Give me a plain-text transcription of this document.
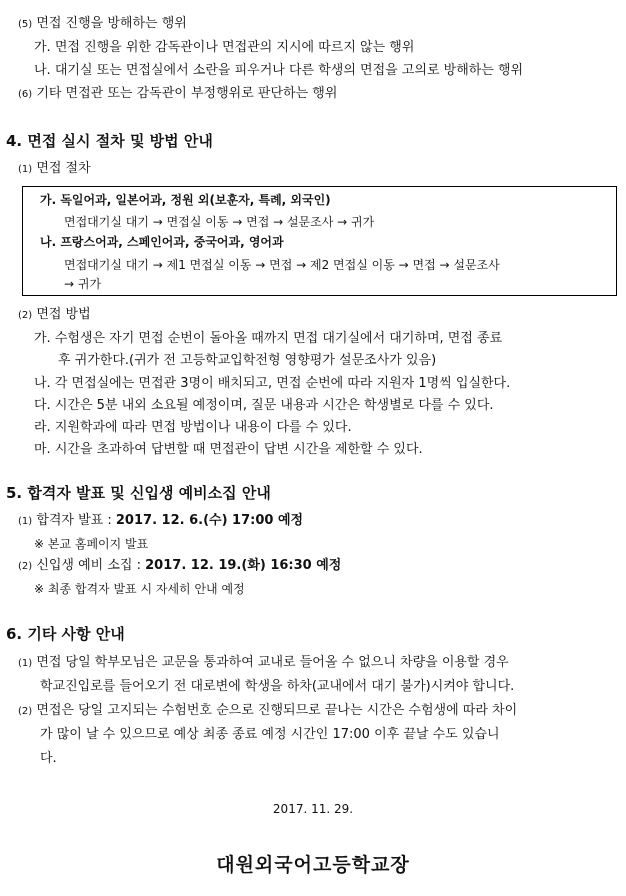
(5) 면접 진행을 방해하는 행위
가. 면접 진행을 위한 감독관이나 면접관의 지시에 따르지 않는 행위
나. 대기실 또는 면접실에서 소란을 피우거나 다른 학생의 면접을 고의로 방해하는 행위
(6) 기타 면접관 또는 감독관이 부정행위로 판단하는 행위
4. 면접 실시 절차 및 방법 안내
(1) 면접 절차
가. 독일어과, 일본어과, 정원 외(보훈자, 특례, 외국인)
면접대기실 대기 → 면접실 이동 → 면접 → 설문조사 → 귀가
나. 프랑스어과, 스페인어과, 중국어과, 영어과
면접대기실 대기 → 제1 면접실 이동 → 면접 → 제2 면접실 이동 → 면접 → 설문조사
→ 귀가
(2) 면접 방법
가. 수험생은 자기 면접 순번이 돌아올 때까지 면접 대기실에서 대기하며, 면접 종료
후 귀가한다.(귀가 전 고등학교입학전형 영향평가 설문조사가 있음)
나. 각 면접실에는 면접관 3명이 배치되고, 면접 순번에 따라 지원자 1명씩 입실한다.
다. 시간은 5분 내외 소요될 예정이며, 질문 내용과 시간은 학생별로 다를 수 있다.
라. 지원학과에 따라 면접 방법이나 내용이 다를 수 있다.
마. 시간을 초과하여 답변할 때 면접관이 답변 시간을 제한할 수 있다.
5. 합격자 발표 및 신입생 예비소집 안내
(1) 합격자 발표 : 2017. 12. 6.(수) 17:00 예정
※ 본교 홈페이지 발표
(2) 신입생 예비 소집 : 2017. 12. 19.(화) 16:30 예정
※ 최종 합격자 발표 시 자세히 안내 예정
6. 기타 사항 안내
(1) 면접 당일 학부모님은 교문을 통과하여 교내로 들어올 수 없으니 차량을 이용할 경우
학교진입로를 들어오기 전 대로변에 학생을 하차(교내에서 대기 불가)시켜야 합니다.
(2) 면접은 당일 고지되는 수험번호 순으로 진행되므로 끝나는 시간은 수험생에 따라 차이
가 많이 날 수 있으므로 예상 최종 종료 예정 시간인 17:00 이후 끝날 수도 있습니
다.
2017. 11. 29.
대원외국어고등학교장
